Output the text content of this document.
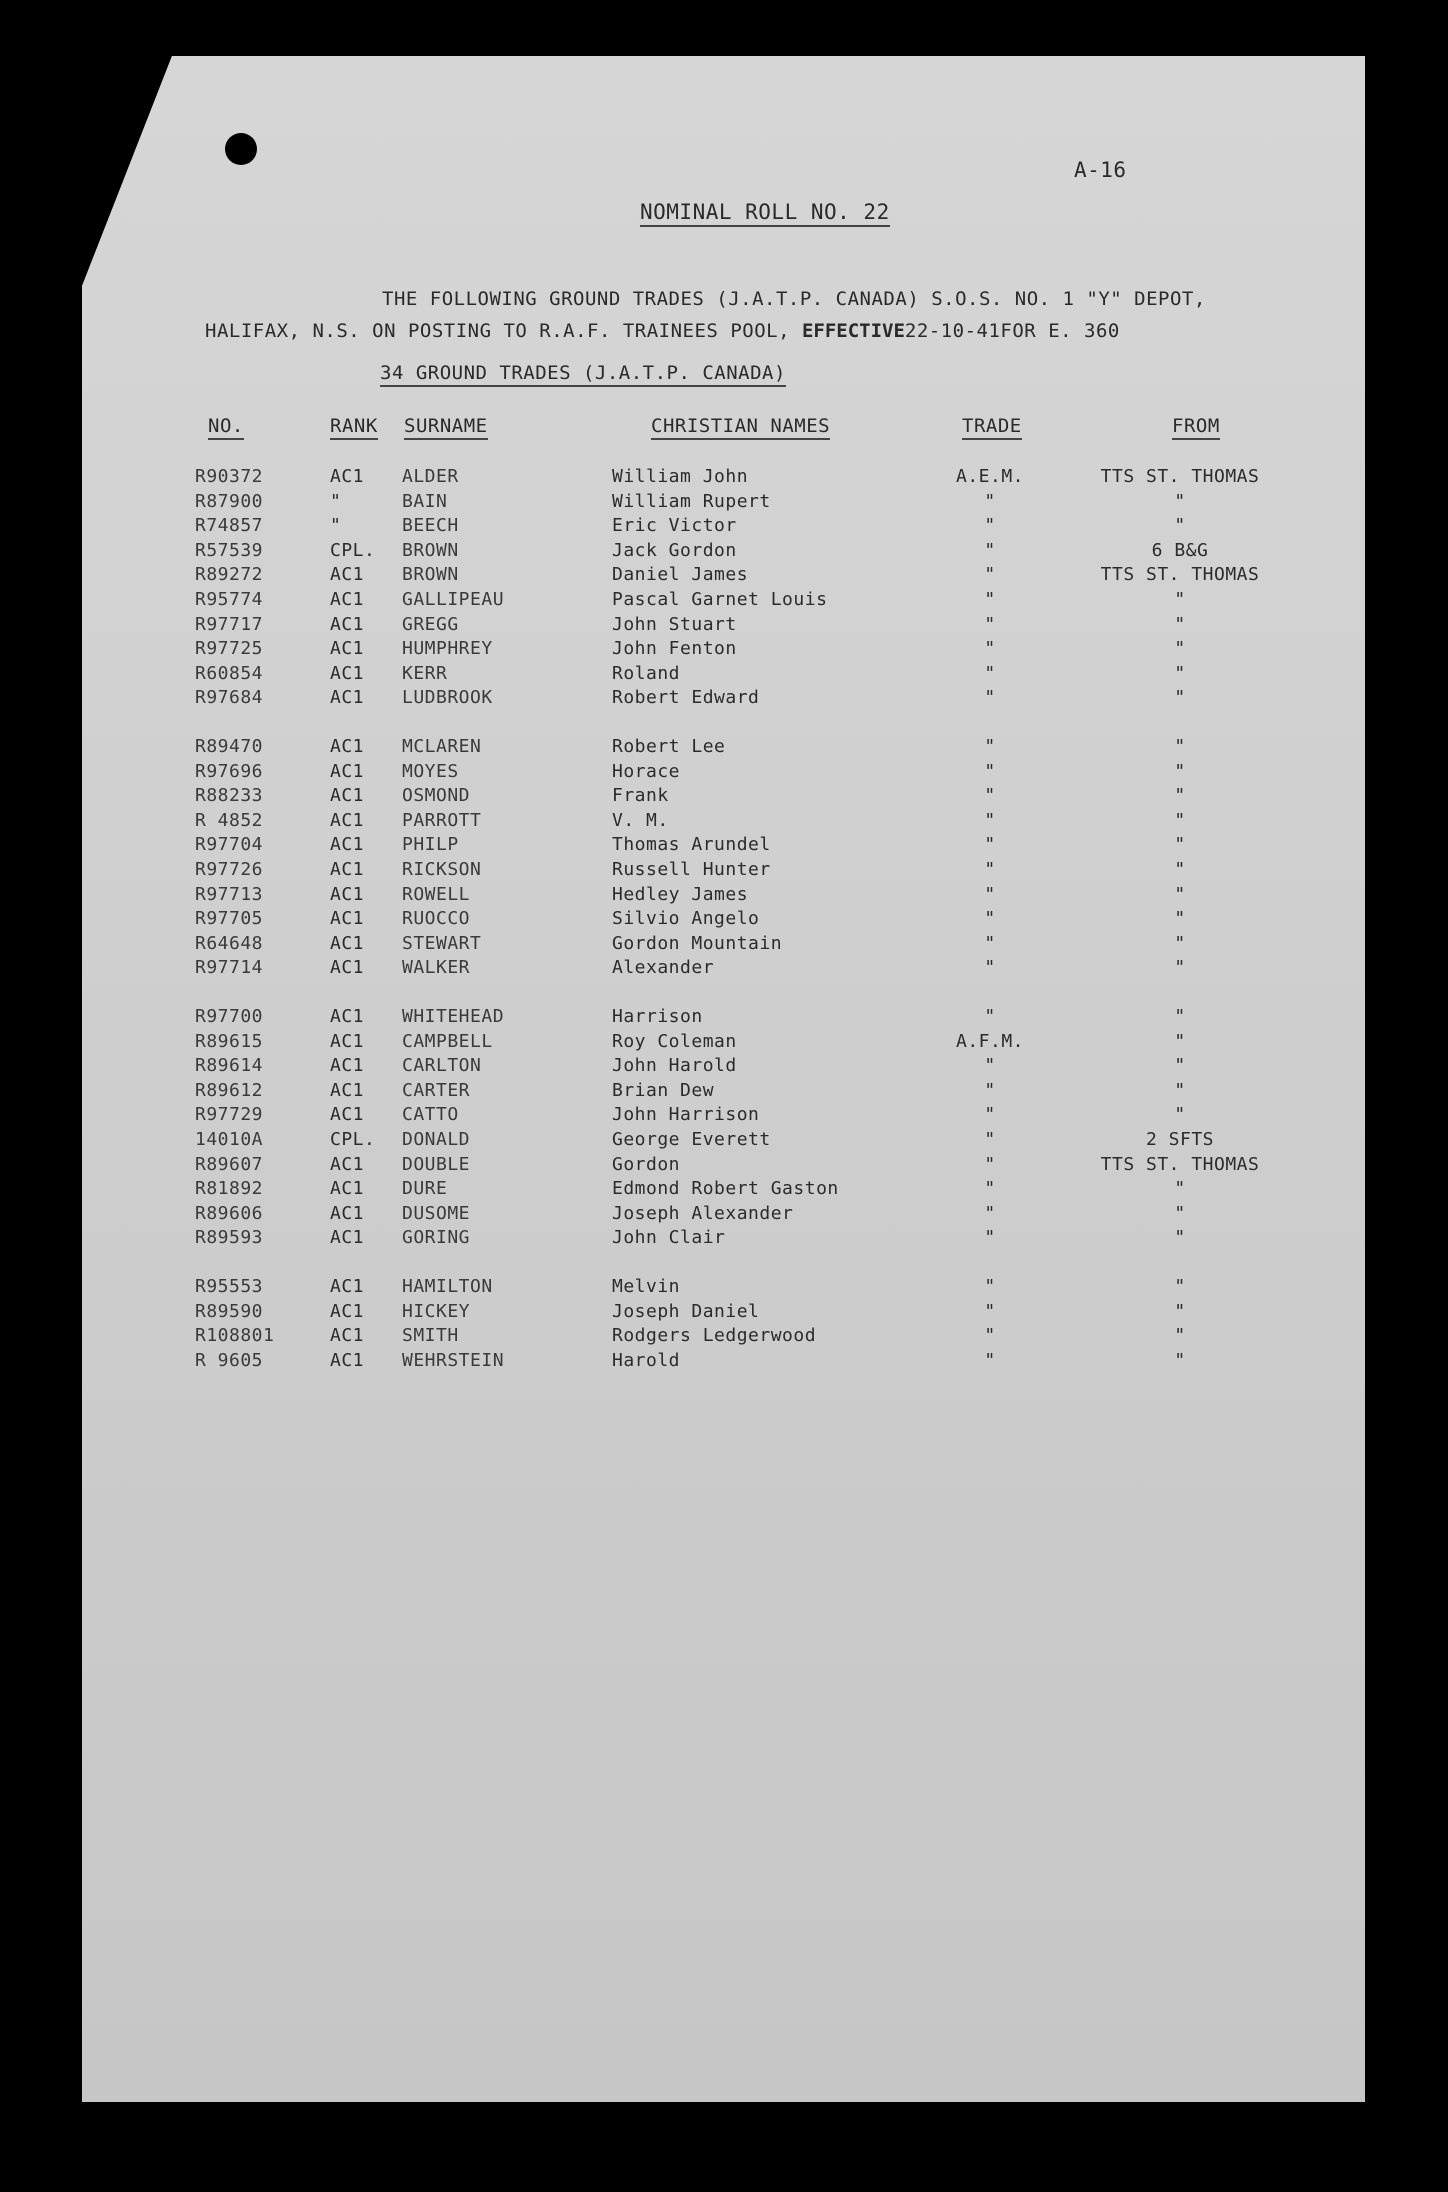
A-16
NOMINAL ROLL NO. 22
THE FOLLOWING GROUND TRADES (J.A.T.P. CANADA) S.O.S. NO. 1 "Y" DEPOT,
HALIFAX, N.S. ON POSTING TO R.A.F. TRAINEES POOL, EFFECTIVE22-10-41FOR E. 360
34 GROUND TRADES (J.A.T.P. CANADA)
NO.	RANK SURNAME	CHRISTIAN NAMES	TRADE	FROM
R90372	AC1 ALDER	William John	A.E.M.	TTS ST. THOMAS
R87900	"	BAIN	William Rupert	"	"
R74857	"	BEECH	Eric Victor	"	"
R57539	CPL. BROWN	Jack Gordon	"	6 B&G
R89272	AC1 BROWN	Daniel James	"	TTS ST. THOMAS
R95774	AC1 GALLIPEAU	Pascal Garnet Louis	"	"
R97717	AC1 GREGG	John Stuart	"	"
R97725	AC1 HUMPHREY	John Fenton	"	"
R60854	AC1 KERR	Roland	"	"
R97684	AC1 LUDBROOK	Robert Edward	"	"
R89470	AC1 MCLAREN	Robert Lee	"	"
R97696	AC1 MOYES	Horace	"	"
R88233	AC1 OSMOND	Frank	"	"
R 4852	AC1 PARROTT	V. M.	"	"
R97704	AC1 PHILP	Thomas Arundel	"	"
R97726	AC1 RICKSON	Russell Hunter	"	"
R97713	AC1 ROWELL	Hedley James	"	"
R97705	AC1 RUOCCO	Silvio Angelo	"	"
R64648	AC1 STEWART	Gordon Mountain	"	"
R97714	AC1 WALKER	Alexander	"	"
R97700	AC1 WHITEHEAD	Harrison	"	"
R89615	AC1 CAMPBELL	Roy Coleman	A.F.M.	"
R89614	AC1 CARLTON	John Harold	"	"
R89612	AC1 CARTER	Brian Dew	"	"
R97729	AC1 CATTO	John Harrison	"	"
14010A	CPL. DONALD	George Everett	"	2 SFTS
R89607	AC1 DOUBLE	Gordon	"	TTS ST. THOMAS
R81892	AC1 DURE	Edmond Robert Gaston	"	"
R89606	AC1 DUSOME	Joseph Alexander	"	"
R89593	AC1 GORING	John Clair	"	"
R95553	AC1 HAMILTON	Melvin	"	"
R89590	AC1 HICKEY	Joseph Daniel	"	"
R108801	AC1 SMITH	Rodgers Ledgerwood	"	"
R 9605	AC1 WEHRSTEIN	Harold	"	"
